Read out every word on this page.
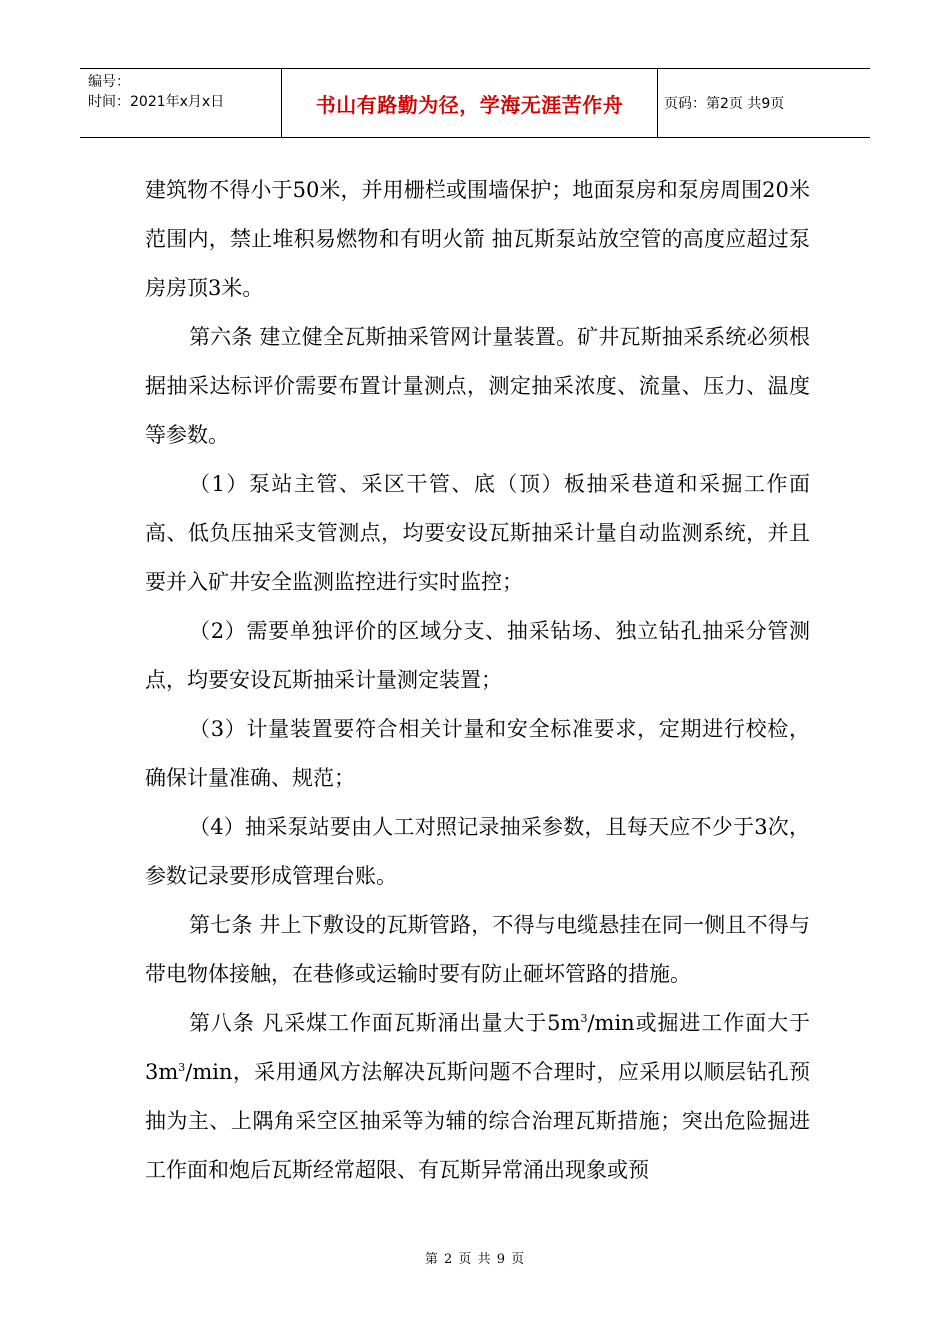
编号：
时间：2021年x月x日	书山有路勤为径，学海无涯苦作舟	页码：第2页 共9页

建筑物不得小于50米，并用栅栏或围墙保护；地面泵房和泵房周围20米范围内，禁止堆积易燃物和有明火箭 抽瓦斯泵站放空管的高度应超过泵房房顶3米。

第六条 建立健全瓦斯抽采管网计量装置。矿井瓦斯抽采系统必须根据抽采达标评价需要布置计量测点，测定抽采浓度、流量、压力、温度等参数。

（1）泵站主管、采区干管、底（顶）板抽采巷道和采掘工作面高、低负压抽采支管测点，均要安设瓦斯抽采计量自动监测系统，并且要并入矿井安全监测监控进行实时监控；

（2）需要单独评价的区域分支、抽采钻场、独立钻孔抽采分管测点，均要安设瓦斯抽采计量测定装置；

（3）计量装置要符合相关计量和安全标准要求，定期进行校检，确保计量准确、规范；

（4）抽采泵站要由人工对照记录抽采参数，且每天应不少于3次，参数记录要形成管理台账。

第七条 井上下敷设的瓦斯管路，不得与电缆悬挂在同一侧且不得与带电物体接触，在巷修或运输时要有防止砸坏管路的措施。

第八条 凡采煤工作面瓦斯涌出量大于$5m^3/\min$或掘进工作面大于$3m^3/\min$，采用通风方法解决瓦斯问题不合理时，应采用以顺层钻孔预抽为主、上隅角采空区抽采等为辅的综合治理瓦斯措施；突出危险掘进工作面和炮后瓦斯经常超限、有瓦斯异常涌出现象或预

第 2 页 共 9 页
